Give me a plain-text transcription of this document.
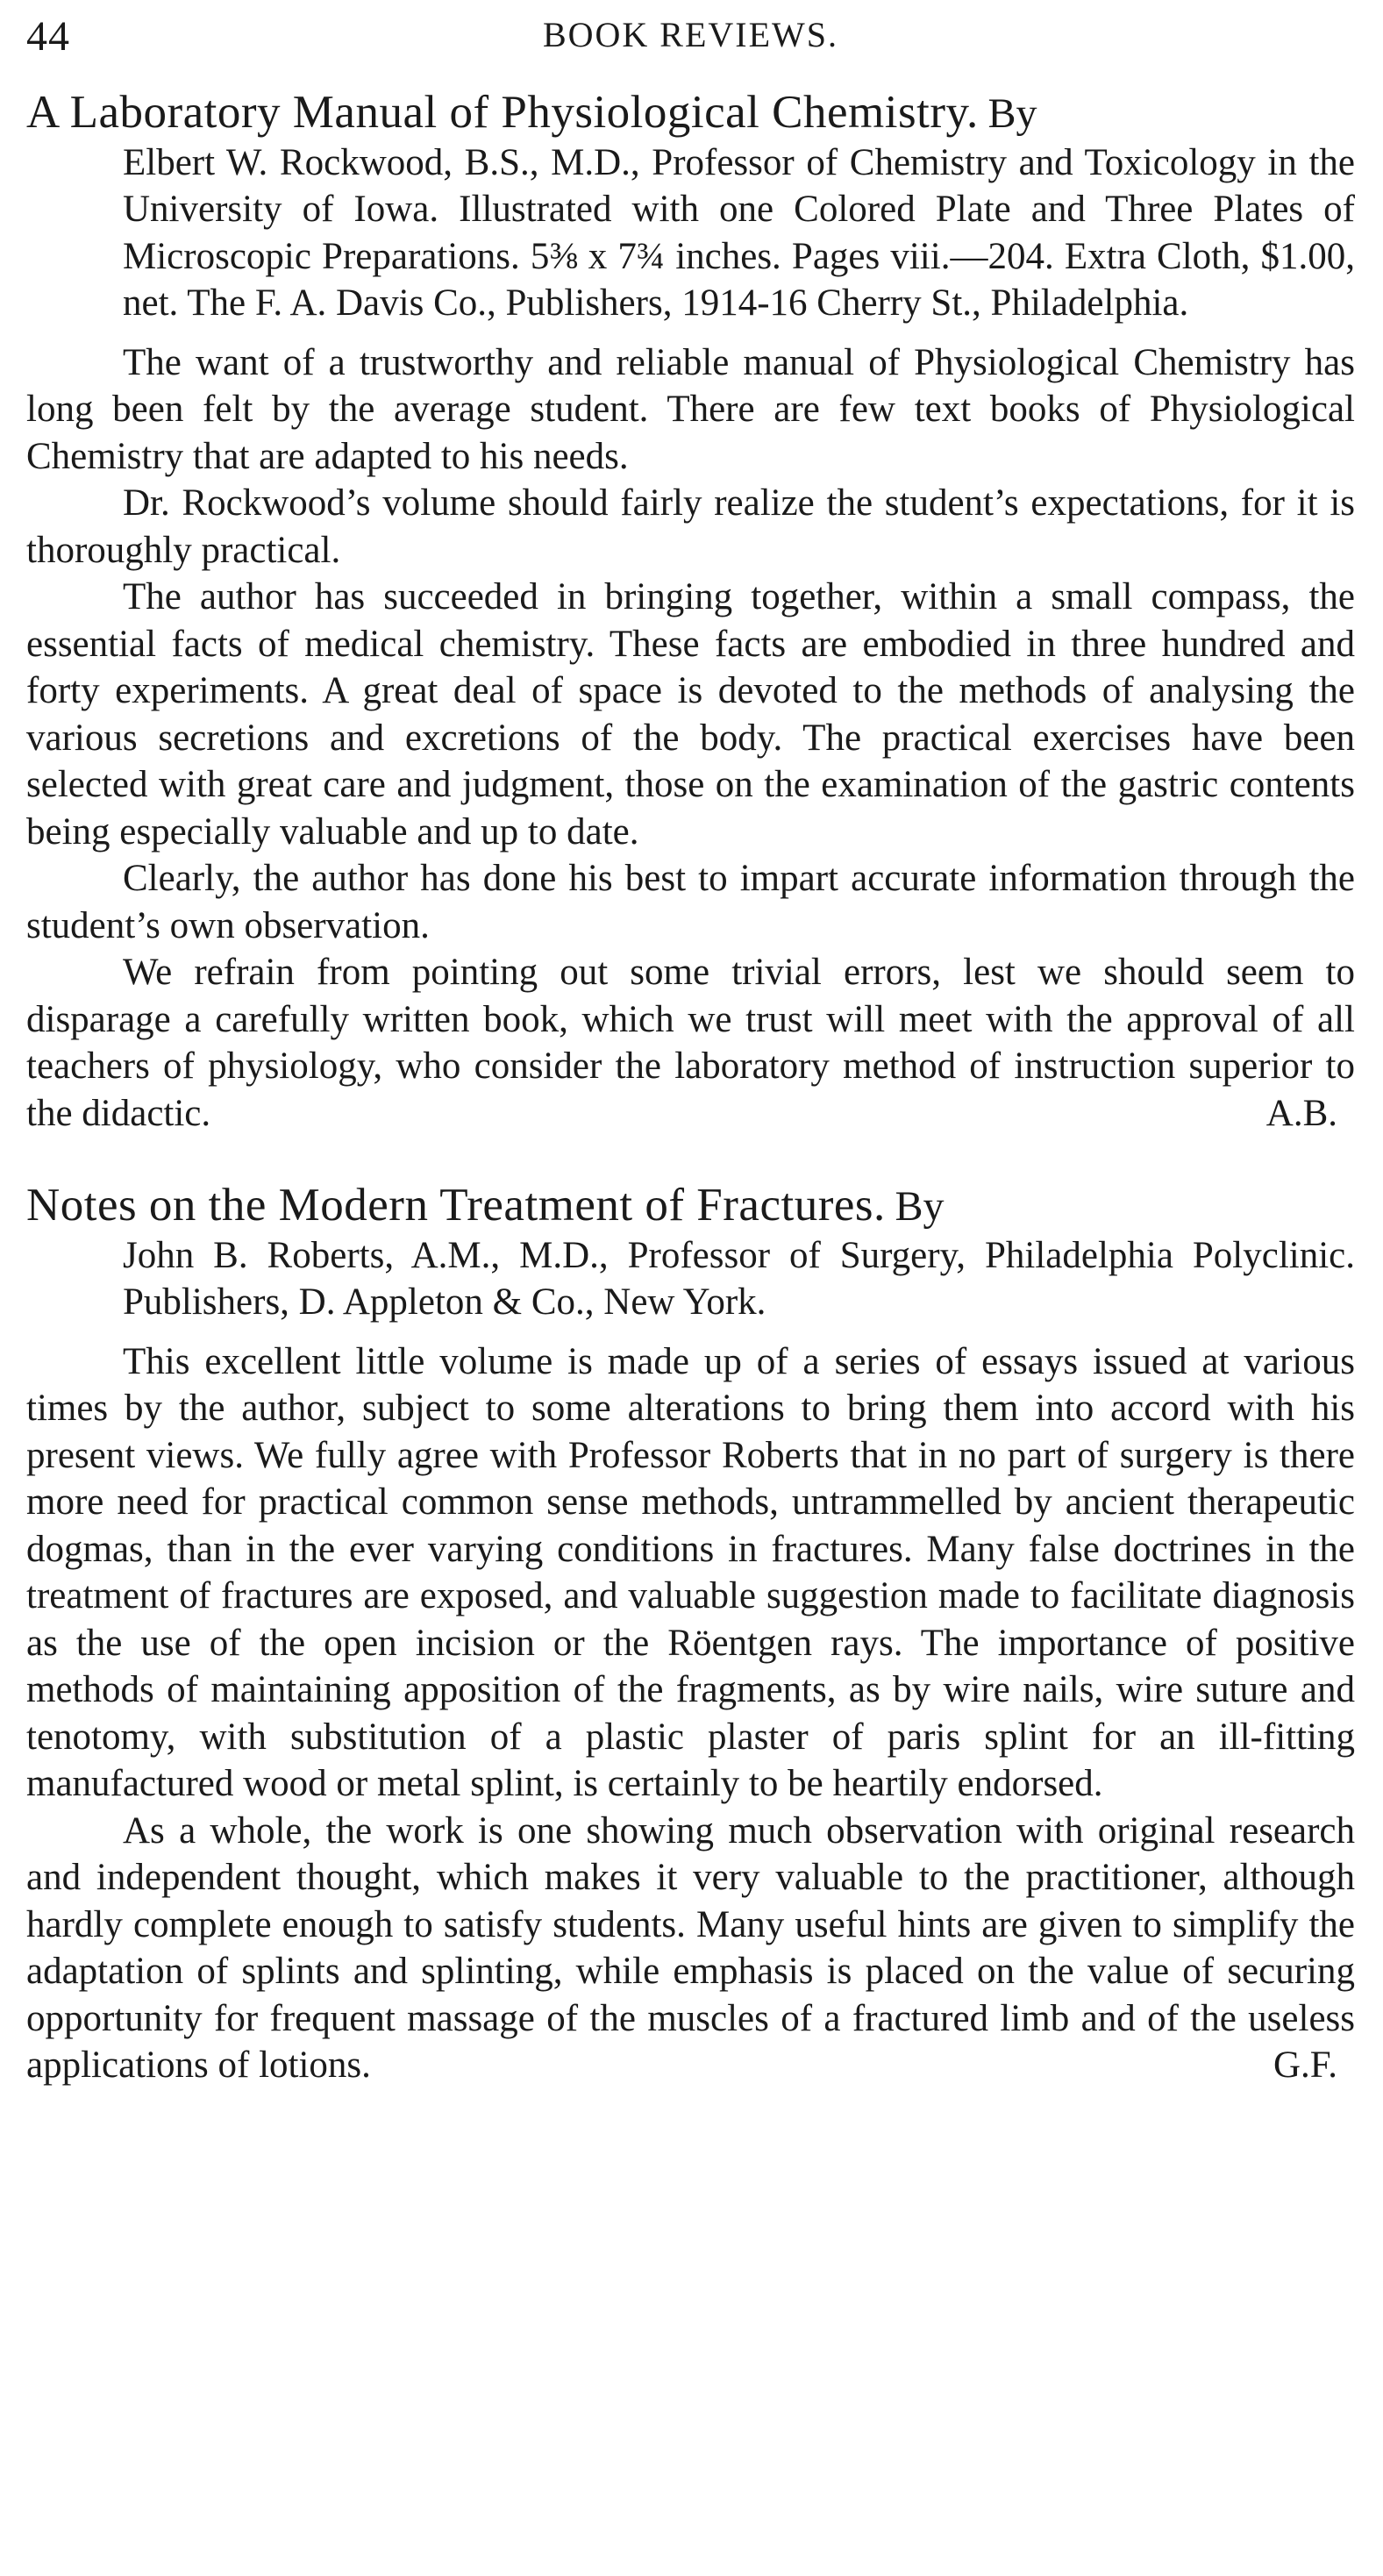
44	BOOK REVIEWS.

A Laboratory Manual of Physiological Chemistry. By
Elbert W. Rockwood, B.S., M.D., Professor of Chemistry and Toxicology in the University of Iowa. Illustrated with one Colored Plate and Three Plates of Microscopic Preparations. 5⅜ x 7¾ inches. Pages viii.—204. Extra Cloth, $1.00, net. The F. A. Davis Co., Publishers, 1914-16 Cherry St., Philadelphia.

The want of a trustworthy and reliable manual of Physiological Chemistry has long been felt by the average student. There are few text books of Physiological Chemistry that are adapted to his needs.

Dr. Rockwood’s volume should fairly realize the student’s expectations, for it is thoroughly practical.

The author has succeeded in bringing together, within a small compass, the essential facts of medical chemistry. These facts are embodied in three hundred and forty experiments. A great deal of space is devoted to the methods of analysing the various secretions and excretions of the body. The practical exercises have been selected with great care and judgment, those on the examination of the gastric contents being especially valuable and up to date.

Clearly, the author has done his best to impart accurate information through the student’s own observation.

We refrain from pointing out some trivial errors, lest we should seem to disparage a carefully written book, which we trust will meet with the approval of all teachers of physiology, who consider the laboratory method of instruction superior to the didactic.	A.B.

Notes on the Modern Treatment of Fractures. By
John B. Roberts, A.M., M.D., Professor of Surgery, Philadelphia Polyclinic. Publishers, D. Appleton & Co., New York.

This excellent little volume is made up of a series of essays issued at various times by the author, subject to some alterations to bring them into accord with his present views. We fully agree with Professor Roberts that in no part of surgery is there more need for practical common sense methods, untrammelled by ancient therapeutic dogmas, than in the ever varying conditions in fractures. Many false doctrines in the treatment of fractures are exposed, and valuable suggestion made to facilitate diagnosis as the use of the open incision or the Röentgen rays. The importance of positive methods of maintaining apposition of the fragments, as by wire nails, wire suture and tenotomy, with substitution of a plastic plaster of paris splint for an ill-fitting manufactured wood or metal splint, is certainly to be heartily endorsed.

As a whole, the work is one showing much observation with original research and independent thought, which makes it very valuable to the practitioner, although hardly complete enough to satisfy students. Many useful hints are given to simplify the adaptation of splints and splinting, while emphasis is placed on the value of securing opportunity for frequent massage of the muscles of a fractured limb and of the useless applications of lotions.	G.F.
